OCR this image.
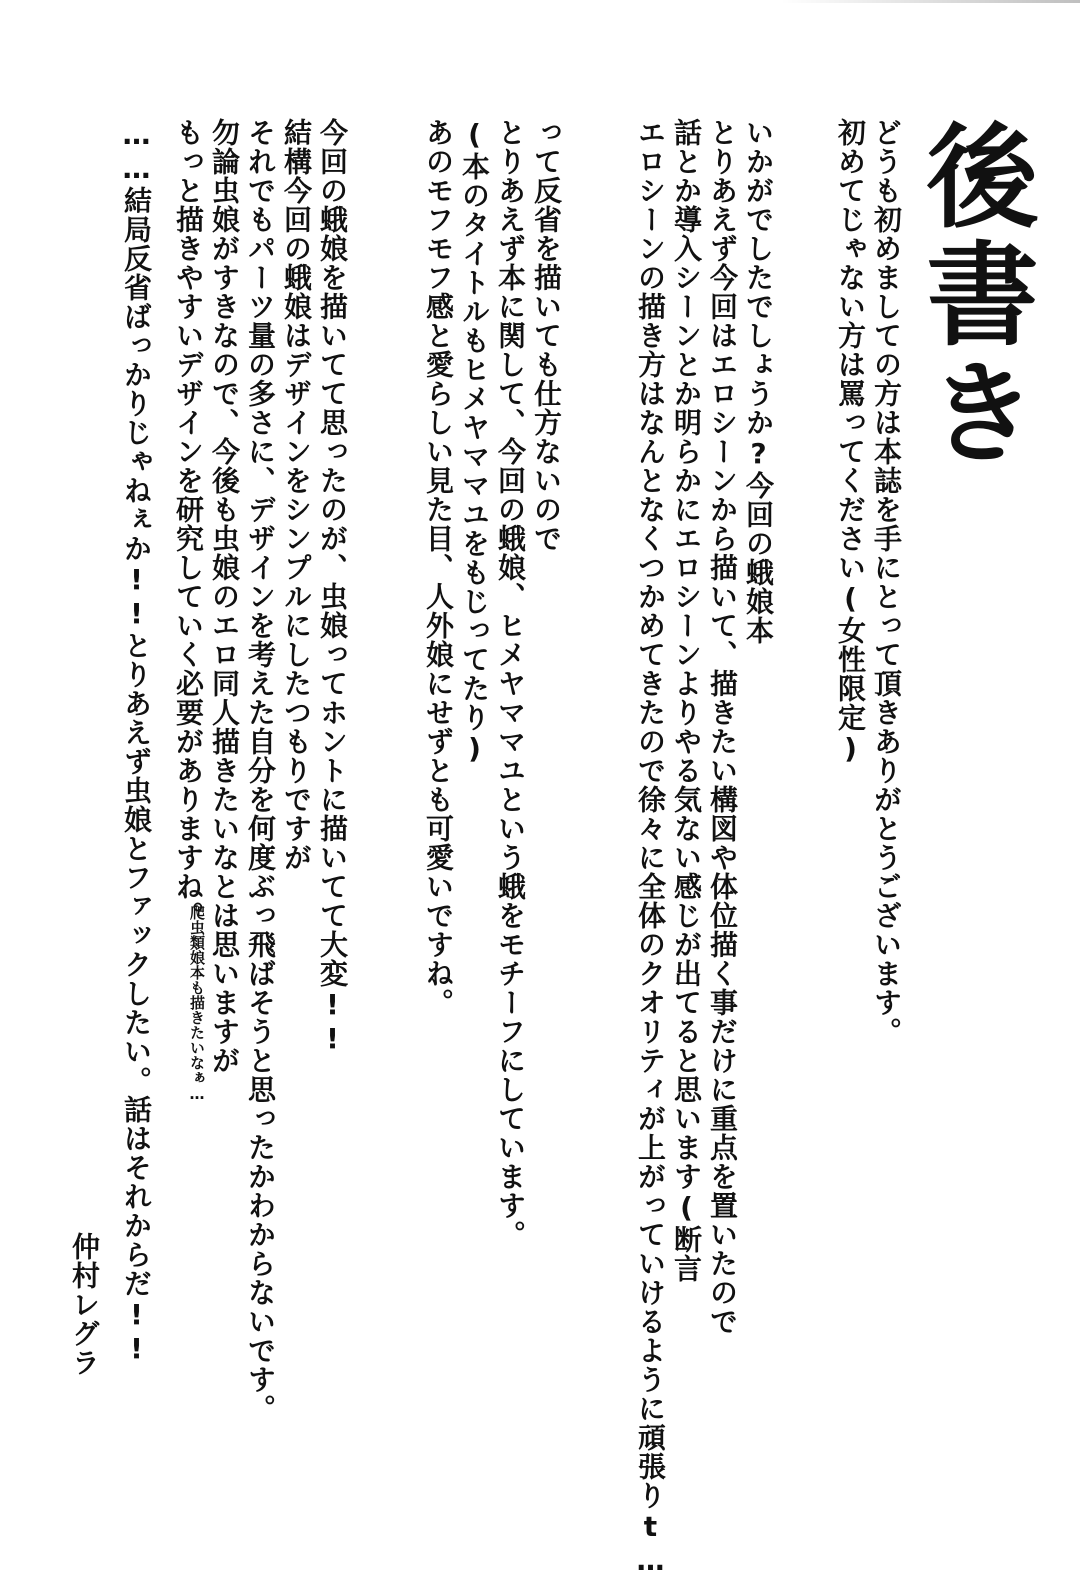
後書き
どうも初めましての方は本誌を手にとって頂きありがとうございます。
初めてじゃない方は罵ってください(女性限定)
いかがでしたでしょうか?今回の蛾娘本
とりあえず今回はエロシーンから描いて、描きたい構図や体位描く事だけに重点を置いたので
話とか導入シーンとか明らかにエロシーンよりやる気ない感じが出てると思います(断言
エロシーンの描き方はなんとなくつかめてきたので徐々に全体のクオリティが上がっていけるように頑張りt…
って反省を描いても仕方ないので
とりあえず本に関して、今回の蛾娘、ヒメヤママユという蛾をモチーフにしています。
(本のタイトルもヒメヤママユをもじってたり)
あのモフモフ感と愛らしい見た目、人外娘にせずとも可愛いですね。
今回の蛾娘を描いてて思ったのが、虫娘ってホントに描いてて大変!!
結構今回の蛾娘はデザインをシンプルにしたつもりですが
それでもパーツ量の多さに、デザインを考えた自分を何度ぶっ飛ばそうと思ったかわからないです。
勿論虫娘がすきなので、今後も虫娘のエロ同人描きたいなとは思いますが
もっと描きやすいデザインを研究していく必要がありますね。
爬虫類娘本も描きたいなぁ…
……結局反省ばっかりじゃねぇか!!とりあえず虫娘とファックしたい。話はそれからだ!!
仲村レグラ
